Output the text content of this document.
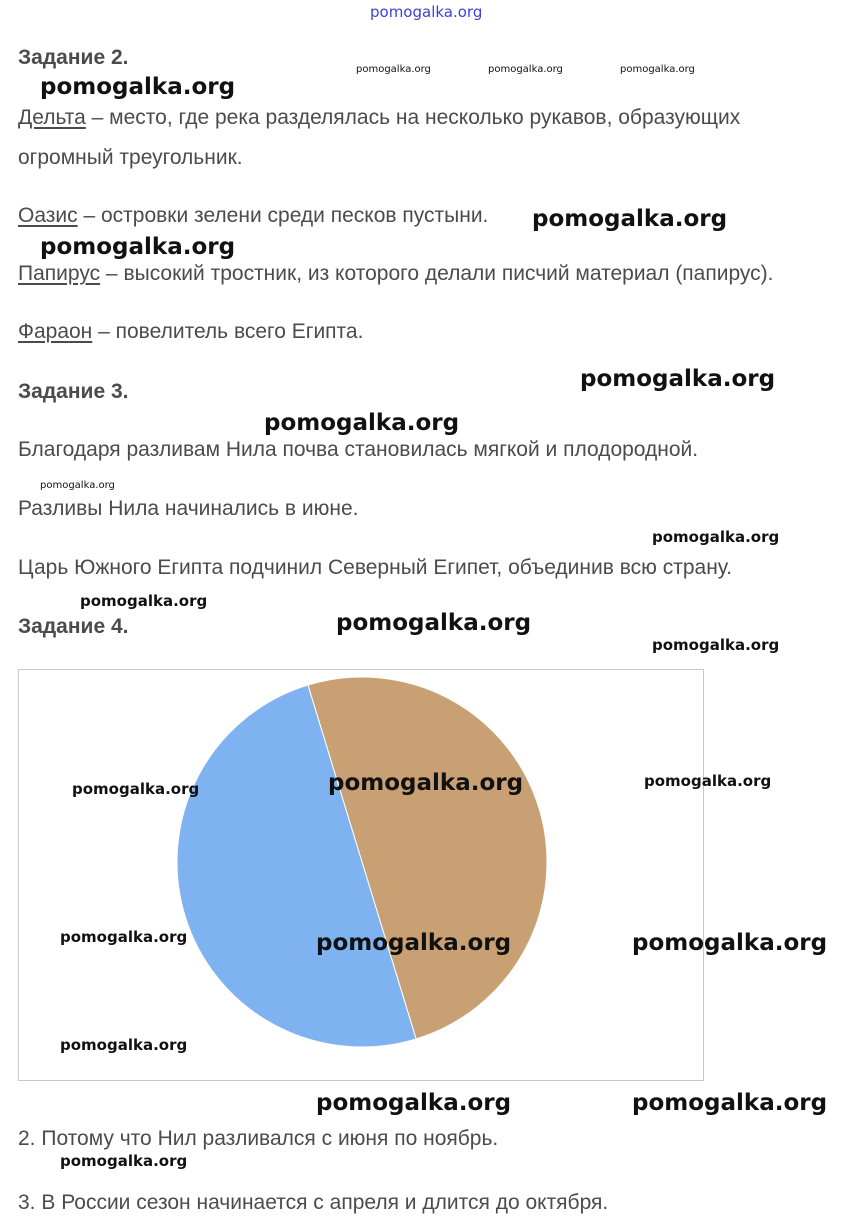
pomogalka.org
Задание 2.
Дельта – место, где река разделялась на несколько рукавов, образующих
огромный треугольник.
Оазис – островки зелени среди песков пустыни.
Папирус – высокий тростник, из которого делали писчий материал (папирус).
Фараон – повелитель всего Египта.
Задание 3.
Благодаря разливам Нила почва становилась мягкой и плодородной.
Разливы Нила начинались в июне.
Царь Южного Египта подчинил Северный Египет, объединив всю страну.
Задание 4.
2. Потому что Нил разливался с июня по ноябрь.
3. В России сезон начинается с апреля и длится до октября.
pomogalka.org
pomogalka.org	pomogalka.org	pomogalka.org
pomogalka.org
pomogalka.org
pomogalka.org
pomogalka.org
pomogalka.org
pomogalka.org
pomogalka.org
pomogalka.org
pomogalka.org
pomogalka.org	pomogalka.org
pomogalka.org
pomogalka.org	pomogalka.org	pomogalka.org
pomogalka.org
pomogalka.org	pomogalka.org
pomogalka.org
